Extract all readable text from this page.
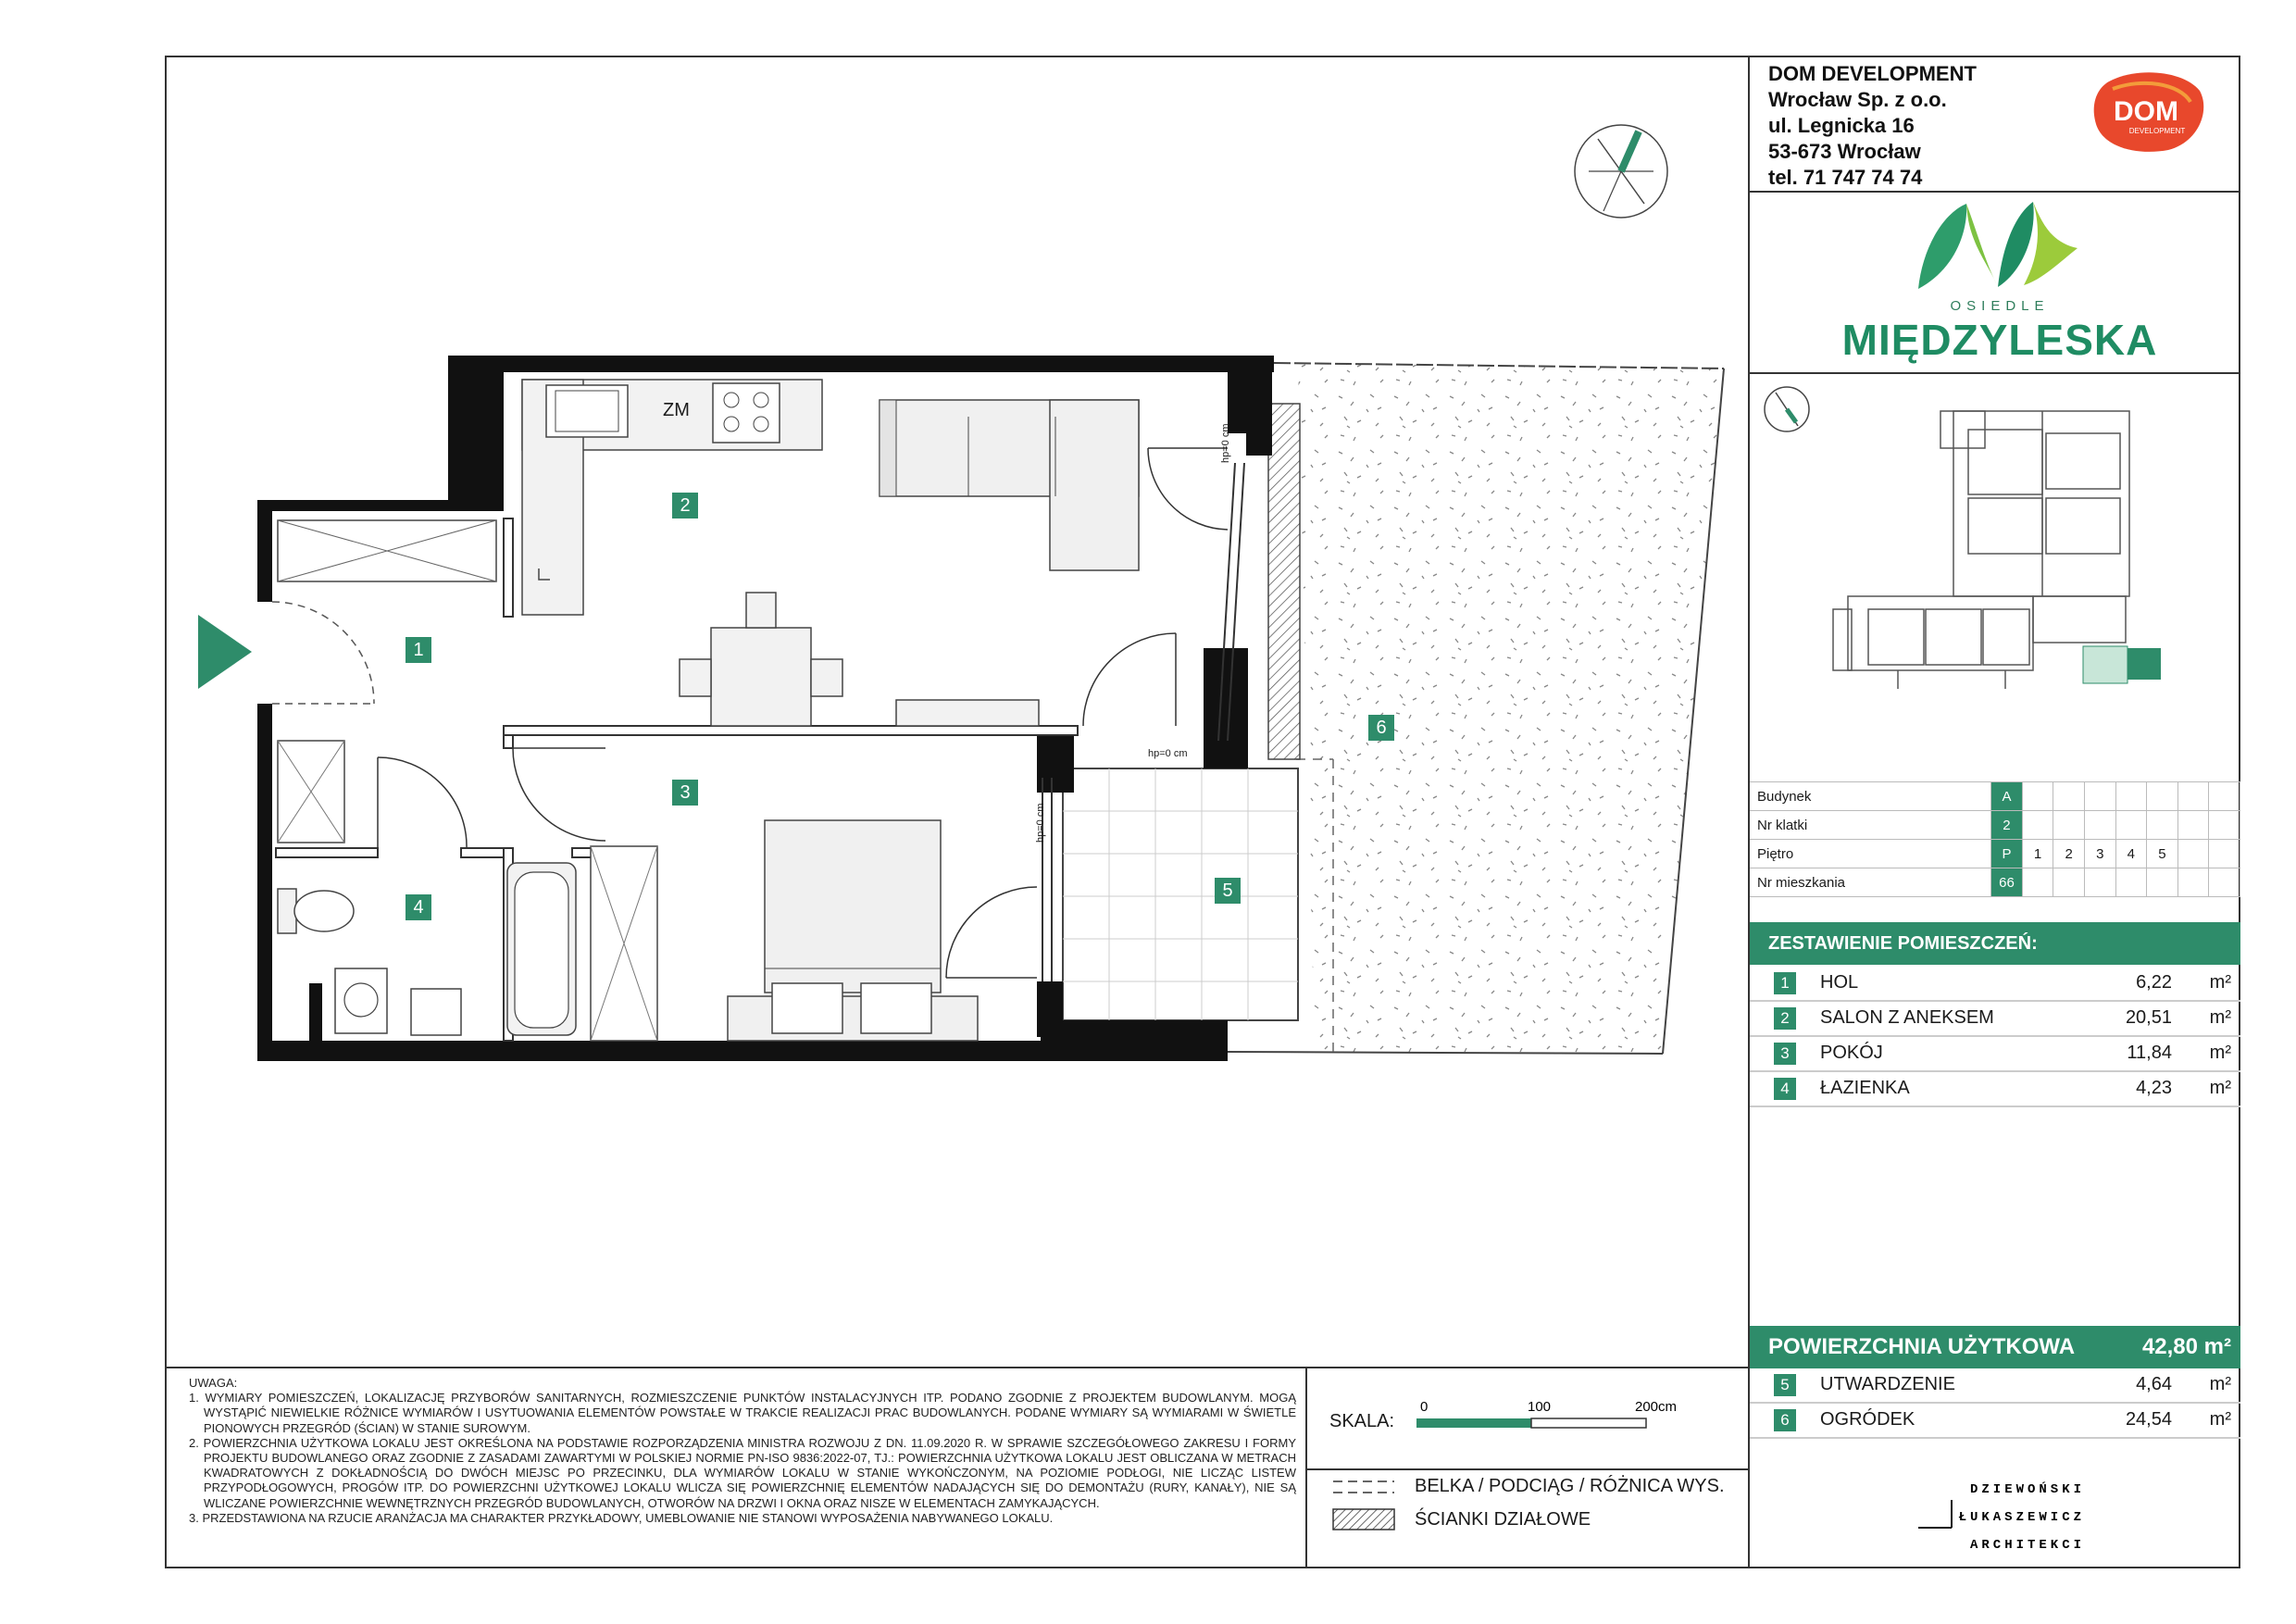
DOM DEVELOPMENT
Wrocław Sp. z o.o.
ul. Legnicka 16
53-673 Wrocław
tel. 71 747 74 74
DOM
DEVELOPMENT
OSIEDLE
MIĘDZYLESKA
Budynek	A							
Nr klatki	2							
Piętro	P	1	2	3	4	5		
Nr mieszkania	66							
ZESTAWIENIE POMIESZCZEŃ:
1	HOL	6,22 m²
2	SALON Z ANEKSEM	20,51 m²
3	POKÓJ	11,84 m²
4	ŁAZIENKA	4,23 m²
POWIERZCHNIA UŻYTKOWA	42,80 m²
5	UTWARDZENIE	4,64 m²
6	OGRÓDEK	24,54 m²

UWAGA:

1. WYMIARY POMIESZCZEŃ, LOKALIZACJĘ PRZYBORÓW SANITARNYCH, ROZMIESZCZENIE PUNKTÓW INSTALACYJNYCH ITP. PODANO ZGODNIE Z PROJEKTEM BUDOWLANYM. MOGĄ WYSTĄPIĆ NIEWIELKIE RÓŻNICE WYMIARÓW I USYTUOWANIA ELEMENTÓW POWSTAŁE W TRAKCIE REALIZACJI PRAC BUDOWLANYCH. PODANE WYMIARY SĄ WYMIARAMI W ŚWIETLE PIONOWYCH PRZEGRÓD (ŚCIAN) W STANIE SUROWYM.

2. POWIERZCHNIA UŻYTKOWA LOKALU JEST OKREŚLONA NA PODSTAWIE ROZPORZĄDZENIA MINISTRA ROZWOJU Z DN. 11.09.2020 R. W SPRAWIE SZCZEGÓŁOWEGO ZAKRESU I FORMY PROJEKTU BUDOWLANEGO ORAZ ZGODNIE Z ZASADAMI ZAWARTYMI W POLSKIEJ NORMIE PN-ISO 9836:2022-07, TJ.: POWIERZCHNIA UŻYTKOWA LOKALU JEST OBLICZANA W METRACH KWADRATOWYCH Z DOKŁADNOŚCIĄ DO DWÓCH MIEJSC PO PRZECINKU, DLA WYMIARÓW LOKALU W STANIE WYKOŃCZONYM, NA POZIOMIE PODŁOGI, NIE LICZĄC LISTEW PRZYPODŁOGOWYCH, PROGÓW ITP. DO POWIERZCHNI UŻYTKOWEJ LOKALU WLICZA SIĘ POWIERZCHNIĘ ELEMENTÓW NADAJĄCYCH SIĘ DO DEMONTAŻU (RURY, KANAŁY), NIE SĄ WLICZANE POWIERZCHNIE WEWNĘTRZNYCH PRZEGRÓD BUDOWLANYCH, OTWORÓW NA DRZWI I OKNA ORAZ NISZE W ELEMENTACH ZAMYKAJĄCYCH.

3. PRZEDSTAWIONA NA RZUCIE ARANŻACJA MA CHARAKTER PRZYKŁADOWY, UMEBLOWANIE NIE STANOWI WYPOSAŻENIA NABYWANEGO LOKALU.

SKALA:
0	100	200cm
BELKA / PODCIĄG / RÓŻNICA WYS.
ŚCIANKI DZIAŁOWE
DZIEWOŃSKI
ŁUKASZEWICZ
ARCHITEKCI
ZM
hp=0 cm
hp=0 cm
hp=0 cm
1
2
3
4
5
6
